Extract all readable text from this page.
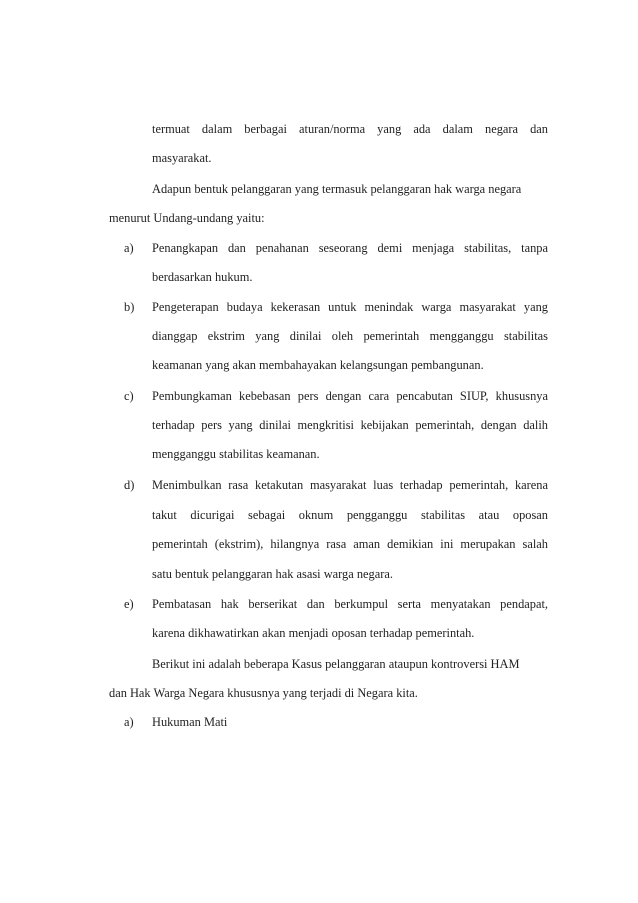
termuat dalam berbagai aturan/norma yang ada dalam negara dan
masyarakat.
Adapun bentuk pelanggaran yang termasuk pelanggaran hak warga negara
menurut Undang-undang yaitu:
a) Penangkapan dan penahanan seseorang demi menjaga stabilitas, tanpa
berdasarkan hukum.
b) Pengeterapan budaya kekerasan untuk menindak warga masyarakat yang
dianggap ekstrim yang dinilai oleh pemerintah mengganggu stabilitas
keamanan yang akan membahayakan kelangsungan pembangunan.
c) Pembungkaman kebebasan pers dengan cara pencabutan SIUP, khususnya
terhadap pers yang dinilai mengkritisi kebijakan pemerintah, dengan dalih
mengganggu stabilitas keamanan.
d) Menimbulkan rasa ketakutan masyarakat luas terhadap pemerintah, karena
takut dicurigai sebagai oknum pengganggu stabilitas atau oposan
pemerintah (ekstrim), hilangnya rasa aman demikian ini merupakan salah
satu bentuk pelanggaran hak asasi warga negara.
e) Pembatasan hak berserikat dan berkumpul serta menyatakan pendapat,
karena dikhawatirkan akan menjadi oposan terhadap pemerintah.
Berikut ini adalah beberapa Kasus pelanggaran ataupun kontroversi HAM
dan Hak Warga Negara khususnya yang terjadi di Negara kita.
a) Hukuman Mati
